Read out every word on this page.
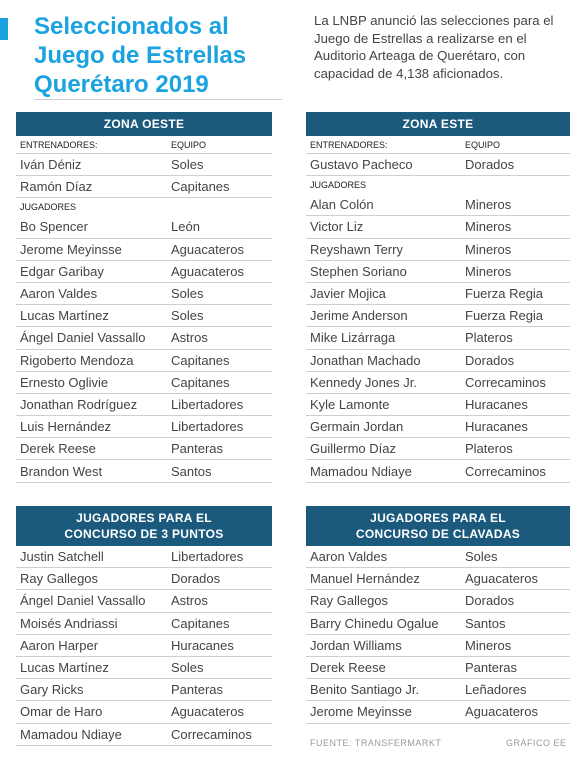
Seleccionados al
Juego de Estrellas
Querétaro 2019
La LNBP anunció las selecciones para el Juego de Estrellas a realizarse en el Auditorio Arteaga de Querétaro, con capacidad de 4,138 aficionados.
ZONA OESTE
ENTRENADORES:	EQUIPO
Iván Déniz	Soles
Ramón Díaz	Capitanes
JUGADORES
Bo Spencer	León
Jerome Meyinsse	Aguacateros
Edgar Garibay	Aguacateros
Aaron Valdes	Soles
Lucas Martínez	Soles
Ángel Daniel Vassallo	Astros
Rigoberto Mendoza	Capitanes
Ernesto Oglivie	Capitanes
Jonathan Rodríguez	Libertadores
Luis Hernández	Libertadores
Derek Reese	Panteras
Brandon West	Santos
ZONA ESTE
ENTRENADORES:	EQUIPO
Gustavo Pacheco	Dorados
JUGADORES
Alan Colón	Mineros
Victor Liz	Mineros
Reyshawn Terry	Mineros
Stephen Soriano	Mineros
Javier Mojica	Fuerza Regia
Jerime Anderson	Fuerza Regia
Mike Lizárraga	Plateros
Jonathan Machado	Dorados
Kennedy Jones Jr.	Correcaminos
Kyle Lamonte	Huracanes
Germain Jordan	Huracanes
Guillermo Díaz	Plateros
Mamadou Ndiaye	Correcaminos
JUGADORES PARA EL
CONCURSO DE 3 PUNTOS
Justin Satchell	Libertadores
Ray Gallegos	Dorados
Ángel Daniel Vassallo	Astros
Moisés Andriassi	Capitanes
Aaron Harper	Huracanes
Lucas Martínez	Soles
Gary Ricks	Panteras
Omar de Haro	Aguacateros
Mamadou Ndiaye	Correcaminos
JUGADORES PARA EL
CONCURSO DE CLAVADAS
Aaron Valdes	Soles
Manuel Hernández	Aguacateros
Ray Gallegos	Dorados
Barry Chinedu Ogalue	Santos
Jordan Williams	Mineros
Derek Reese	Panteras
Benito Santiago Jr.	Leñadores
Jerome Meyinsse	Aguacateros
FUENTE: TRANSFERMARKT	GRÁFICO EE
